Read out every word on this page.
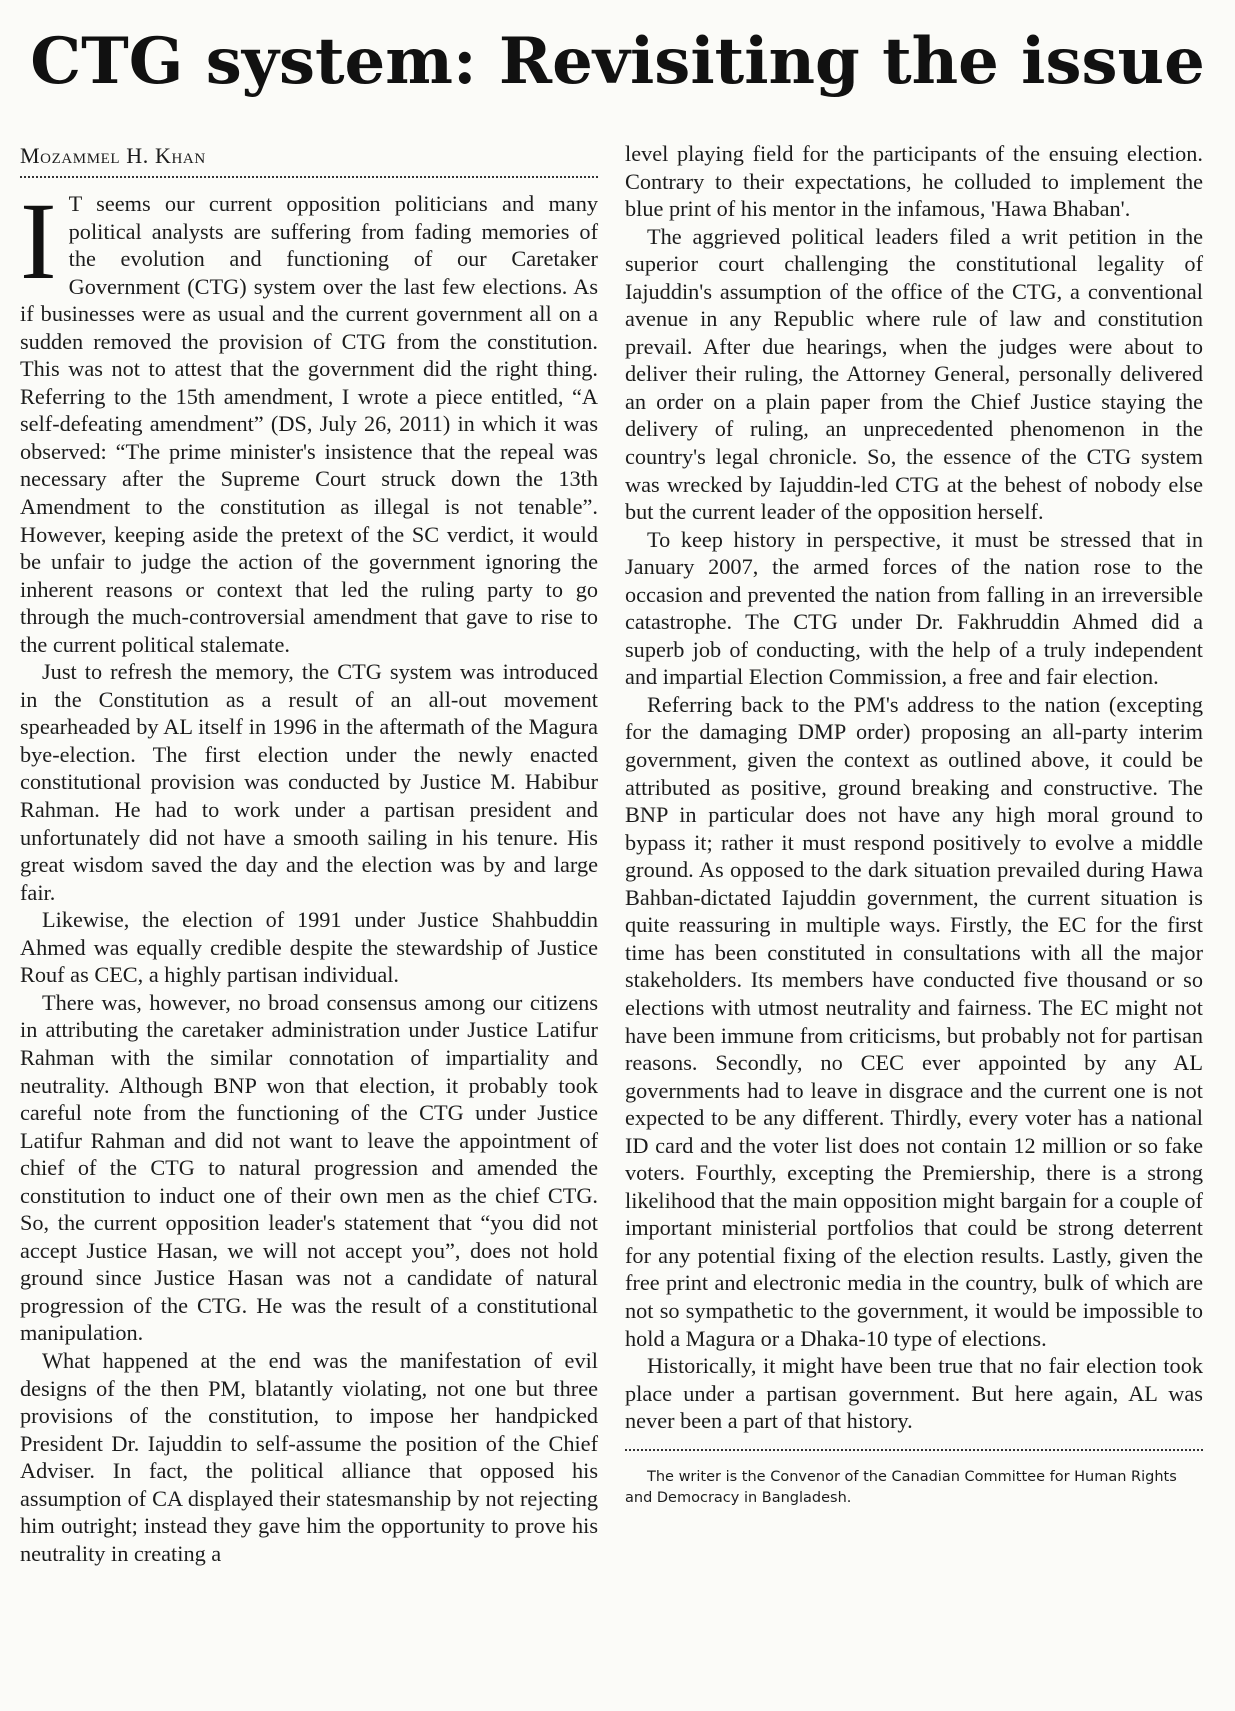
CTG system: Revisiting the issue
Mozammel H. Khan

I T seems our current opposition politicians and many political analysts are suffering from fading memories of the evolution and functioning of our Caretaker Government (CTG) system over the last few elections. As if businesses were as usual and the current government all on a sudden removed the provision of CTG from the constitution. This was not to attest that the government did the right thing. Referring to the 15th amendment, I wrote a piece entitled, “A self-defeating amendment” (DS, July 26, 2011) in which it was observed: “The prime minister's insistence that the repeal was necessary after the Supreme Court struck down the 13th Amendment to the constitution as illegal is not tenable”. However, keeping aside the pretext of the SC verdict, it would be unfair to judge the action of the government ignoring the inherent reasons or context that led the ruling party to go through the much-controversial amendment that gave to rise to the current political stalemate.

Just to refresh the memory, the CTG system was introduced in the Constitution as a result of an all-out movement spearheaded by AL itself in 1996 in the aftermath of the Magura bye-election. The first election under the newly enacted constitutional provision was conducted by Justice M. Habibur Rahman. He had to work under a partisan president and unfortunately did not have a smooth sailing in his tenure. His great wisdom saved the day and the election was by and large fair.

Likewise, the election of 1991 under Justice Shahbuddin Ahmed was equally credible despite the stewardship of Justice Rouf as CEC, a highly partisan individual.

There was, however, no broad consensus among our citizens in attributing the caretaker administration under Justice Latifur Rahman with the similar connotation of impartiality and neutrality. Although BNP won that election, it probably took careful note from the functioning of the CTG under Justice Latifur Rahman and did not want to leave the appointment of chief of the CTG to natural progression and amended the constitution to induct one of their own men as the chief CTG. So, the current opposition leader's statement that “you did not accept Justice Hasan, we will not accept you”, does not hold ground since Justice Hasan was not a candidate of natural progression of the CTG. He was the result of a constitutional manipulation.

What happened at the end was the manifestation of evil designs of the then PM, blatantly violating, not one but three provisions of the constitution, to impose her handpicked President Dr. Iajuddin to self-assume the position of the Chief Adviser. In fact, the political alliance that opposed his assumption of CA displayed their statesmanship by not rejecting him outright; instead they gave him the opportunity to prove his neutrality in creating a

level playing field for the participants of the ensuing election. Contrary to their expectations, he colluded to implement the blue print of his mentor in the infamous, 'Hawa Bhaban'.

The aggrieved political leaders filed a writ petition in the superior court challenging the constitutional legality of Iajuddin's assumption of the office of the CTG, a conventional avenue in any Republic where rule of law and constitution prevail. After due hearings, when the judges were about to deliver their ruling, the Attorney General, personally delivered an order on a plain paper from the Chief Justice staying the delivery of ruling, an unprecedented phenomenon in the country's legal chronicle. So, the essence of the CTG system was wrecked by Iajuddin-led CTG at the behest of nobody else but the current leader of the opposition herself.

To keep history in perspective, it must be stressed that in January 2007, the armed forces of the nation rose to the occasion and prevented the nation from falling in an irreversible catastrophe. The CTG under Dr. Fakhruddin Ahmed did a superb job of conducting, with the help of a truly independent and impartial Election Commission, a free and fair election.

Referring back to the PM's address to the nation (excepting for the damaging DMP order) proposing an all-party interim government, given the context as outlined above, it could be attributed as positive, ground breaking and constructive. The BNP in particular does not have any high moral ground to bypass it; rather it must respond positively to evolve a middle ground. As opposed to the dark situation prevailed during Hawa Bahban-dictated Iajuddin government, the current situation is quite reassuring in multiple ways. Firstly, the EC for the first time has been constituted in consultations with all the major stakeholders. Its members have conducted five thousand or so elections with utmost neutrality and fairness. The EC might not have been immune from criticisms, but probably not for partisan reasons. Secondly, no CEC ever appointed by any AL governments had to leave in disgrace and the current one is not expected to be any different. Thirdly, every voter has a national ID card and the voter list does not contain 12 million or so fake voters. Fourthly, excepting the Premiership, there is a strong likelihood that the main opposition might bargain for a couple of important ministerial portfolios that could be strong deterrent for any potential fixing of the election results. Lastly, given the free print and electronic media in the country, bulk of which are not so sympathetic to the government, it would be impossible to hold a Magura or a Dhaka-10 type of elections.

Historically, it might have been true that no fair election took place under a partisan government. But here again, AL was never been a part of that history.

The writer is the Convenor of the Canadian Committee for Human Rights and Democracy in Bangladesh.
